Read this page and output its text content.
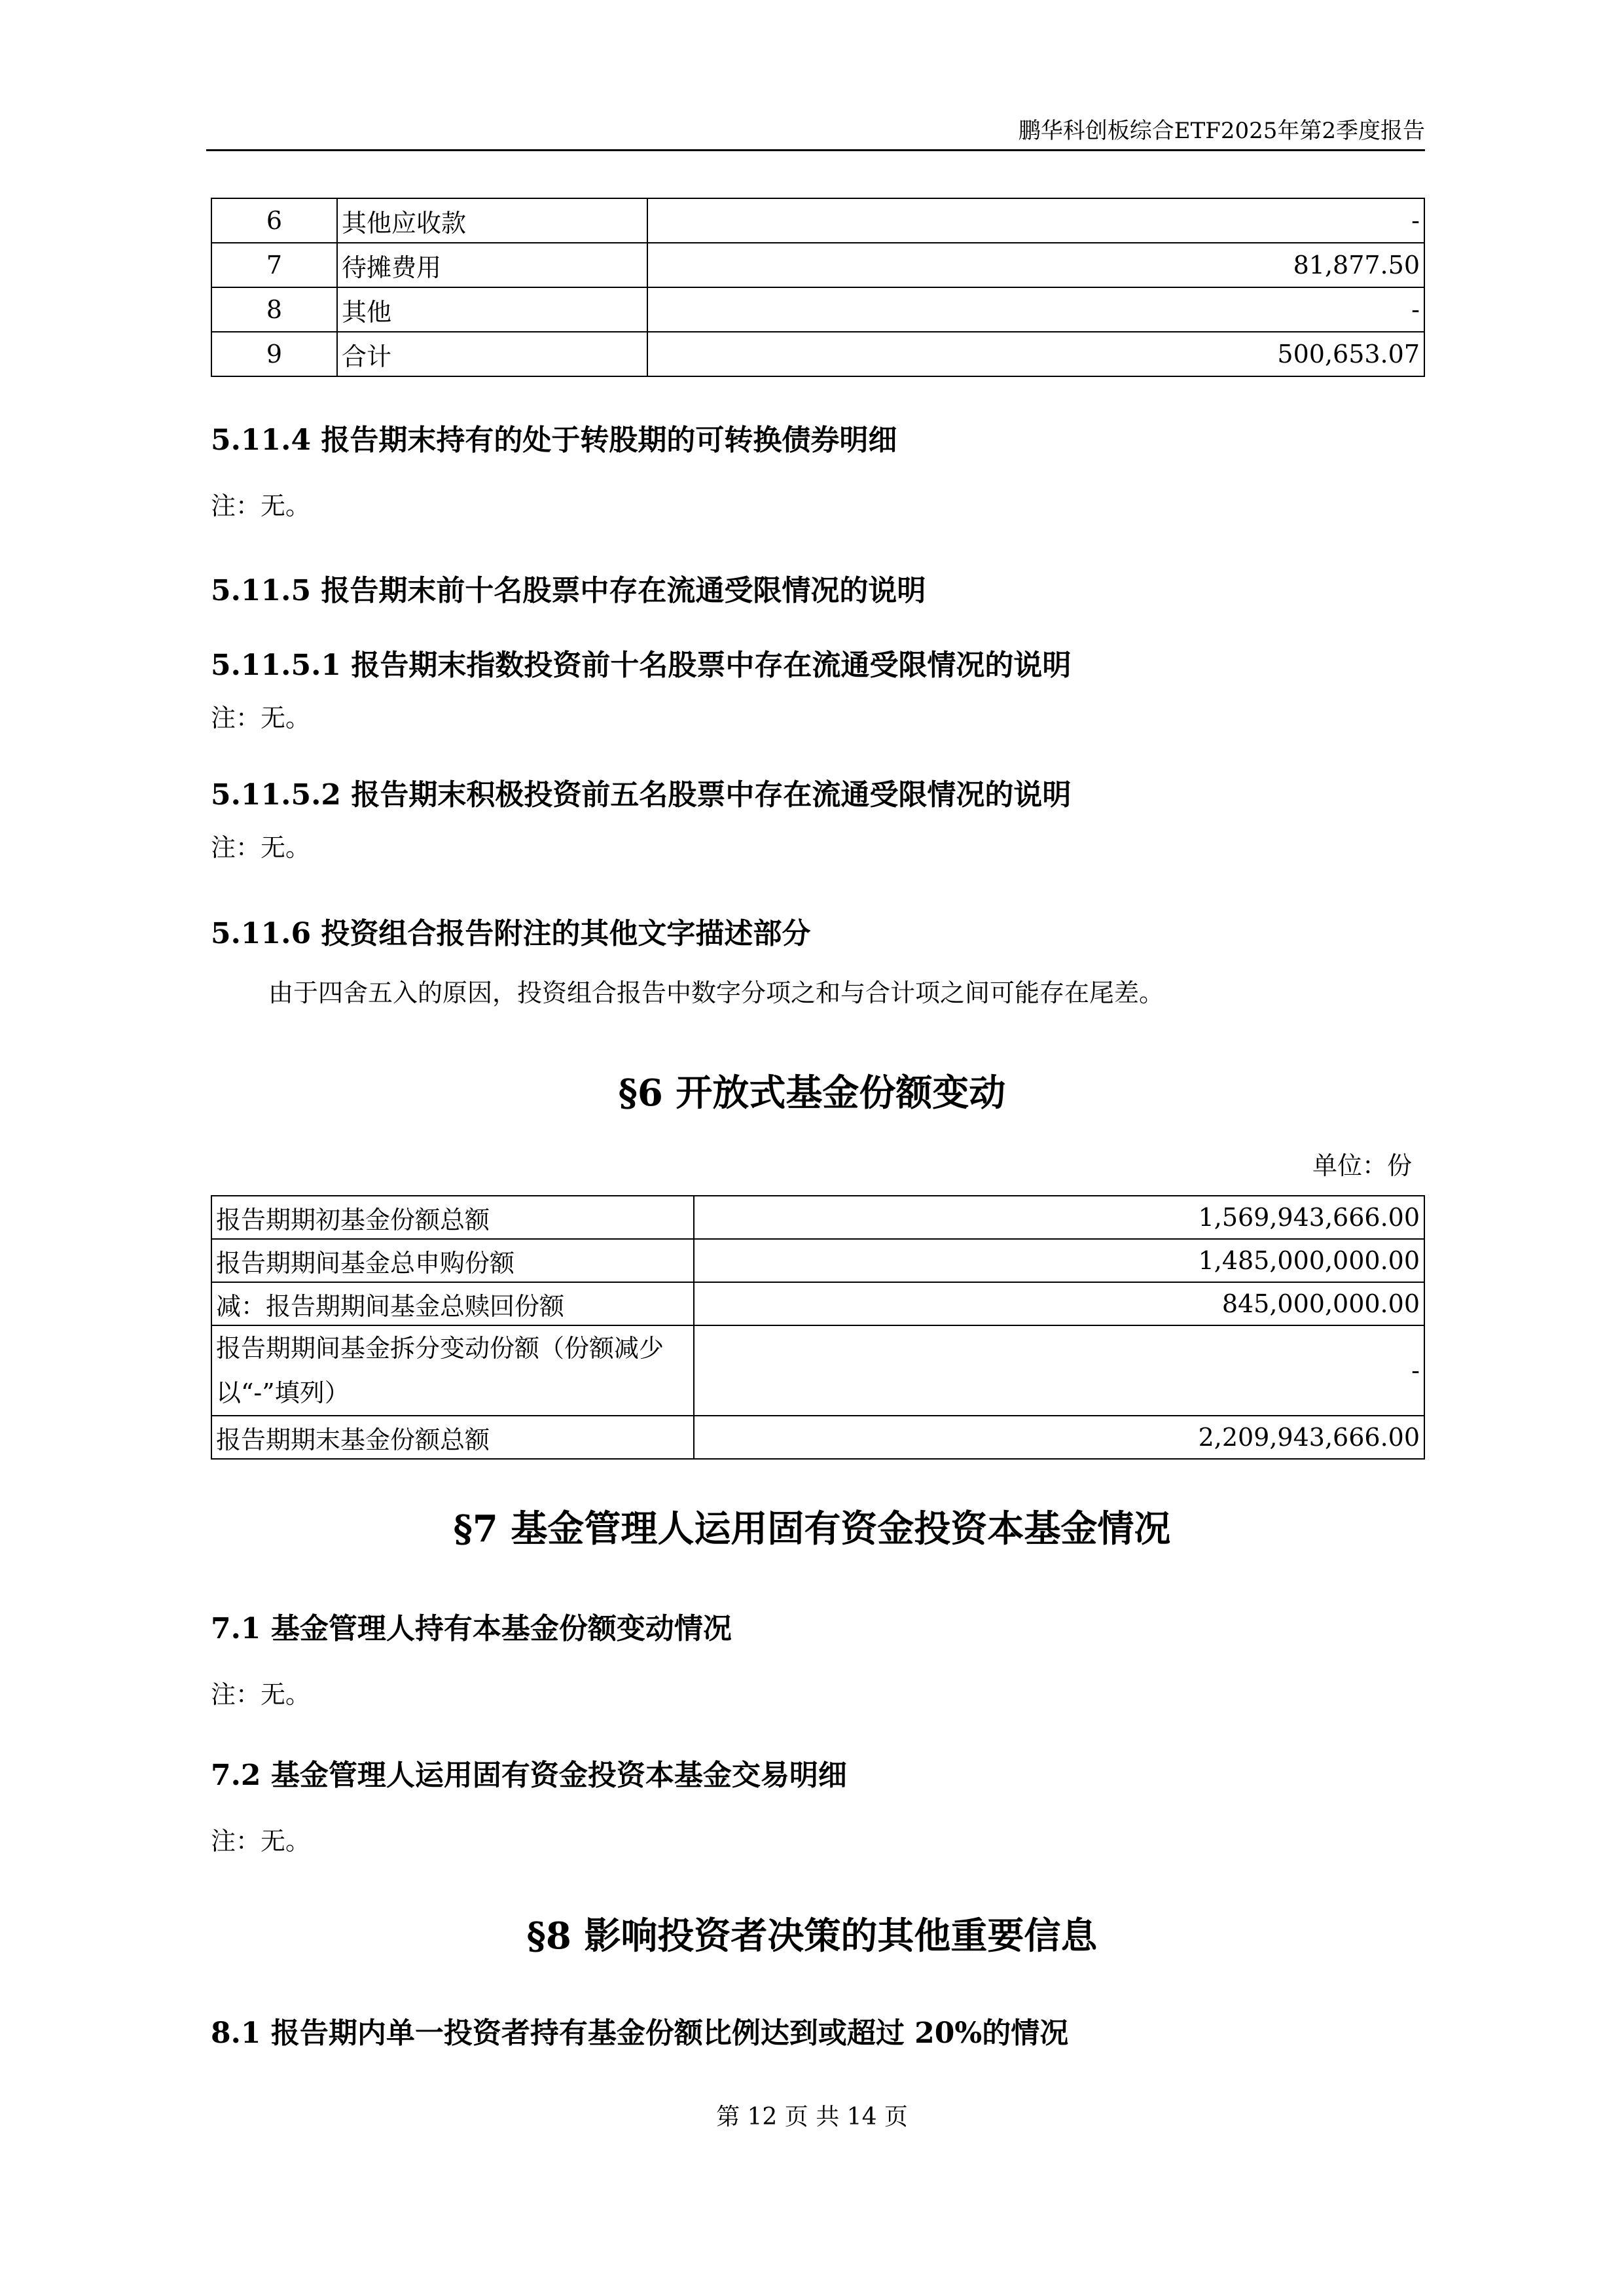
鹏华科创板综合ETF2025年第2季度报告
6	其他应收款	-
7	待摊费用	81,877.50
8	其他	-
9	合计	500,653.07
5.11.4 报告期末持有的处于转股期的可转换债券明细
注：无。
5.11.5 报告期末前十名股票中存在流通受限情况的说明
5.11.5.1 报告期末指数投资前十名股票中存在流通受限情况的说明
注：无。
5.11.5.2 报告期末积极投资前五名股票中存在流通受限情况的说明
注：无。
5.11.6 投资组合报告附注的其他文字描述部分
由于四舍五入的原因，投资组合报告中数字分项之和与合计项之间可能存在尾差。
§6 开放式基金份额变动
单位：份
报告期期初基金份额总额	1,569,943,666.00
报告期期间基金总申购份额	1,485,000,000.00
减：报告期期间基金总赎回份额	845,000,000.00
报告期期间基金拆分变动份额（份额减少以“-”填列）	-
报告期期末基金份额总额	2,209,943,666.00
§7 基金管理人运用固有资金投资本基金情况
7.1 基金管理人持有本基金份额变动情况
注：无。
7.2 基金管理人运用固有资金投资本基金交易明细
注：无。
§8 影响投资者决策的其他重要信息
8.1 报告期内单一投资者持有基金份额比例达到或超过 20%的情况
第 12 页 共 14 页
